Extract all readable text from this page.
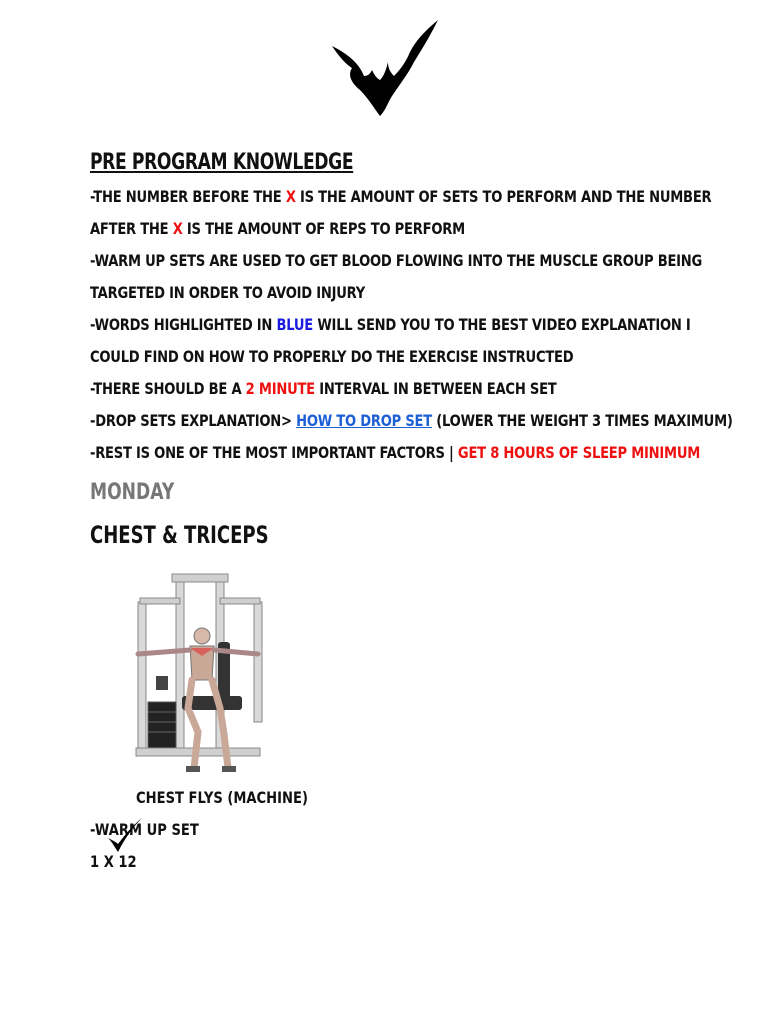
PRE PROGRAM KNOWLEDGE
-THE NUMBER BEFORE THE X IS THE AMOUNT OF SETS TO PERFORM AND THE NUMBER
AFTER THE X IS THE AMOUNT OF REPS TO PERFORM
-WARM UP SETS ARE USED TO GET BLOOD FLOWING INTO THE MUSCLE GROUP BEING
TARGETED IN ORDER TO AVOID INJURY
-WORDS HIGHLIGHTED IN BLUE WILL SEND YOU TO THE BEST VIDEO EXPLANATION I
COULD FIND ON HOW TO PROPERLY DO THE EXERCISE INSTRUCTED
-THERE SHOULD BE A 2 MINUTE INTERVAL IN BETWEEN EACH SET
-DROP SETS EXPLANATION> HOW TO DROP SET (LOWER THE WEIGHT 3 TIMES MAXIMUM)
-REST IS ONE OF THE MOST IMPORTANT FACTORS | GET 8 HOURS OF SLEEP MINIMUM
MONDAY
CHEST & TRICEPS
CHEST FLYS (MACHINE)
-WARM UP SET
1 X 12
